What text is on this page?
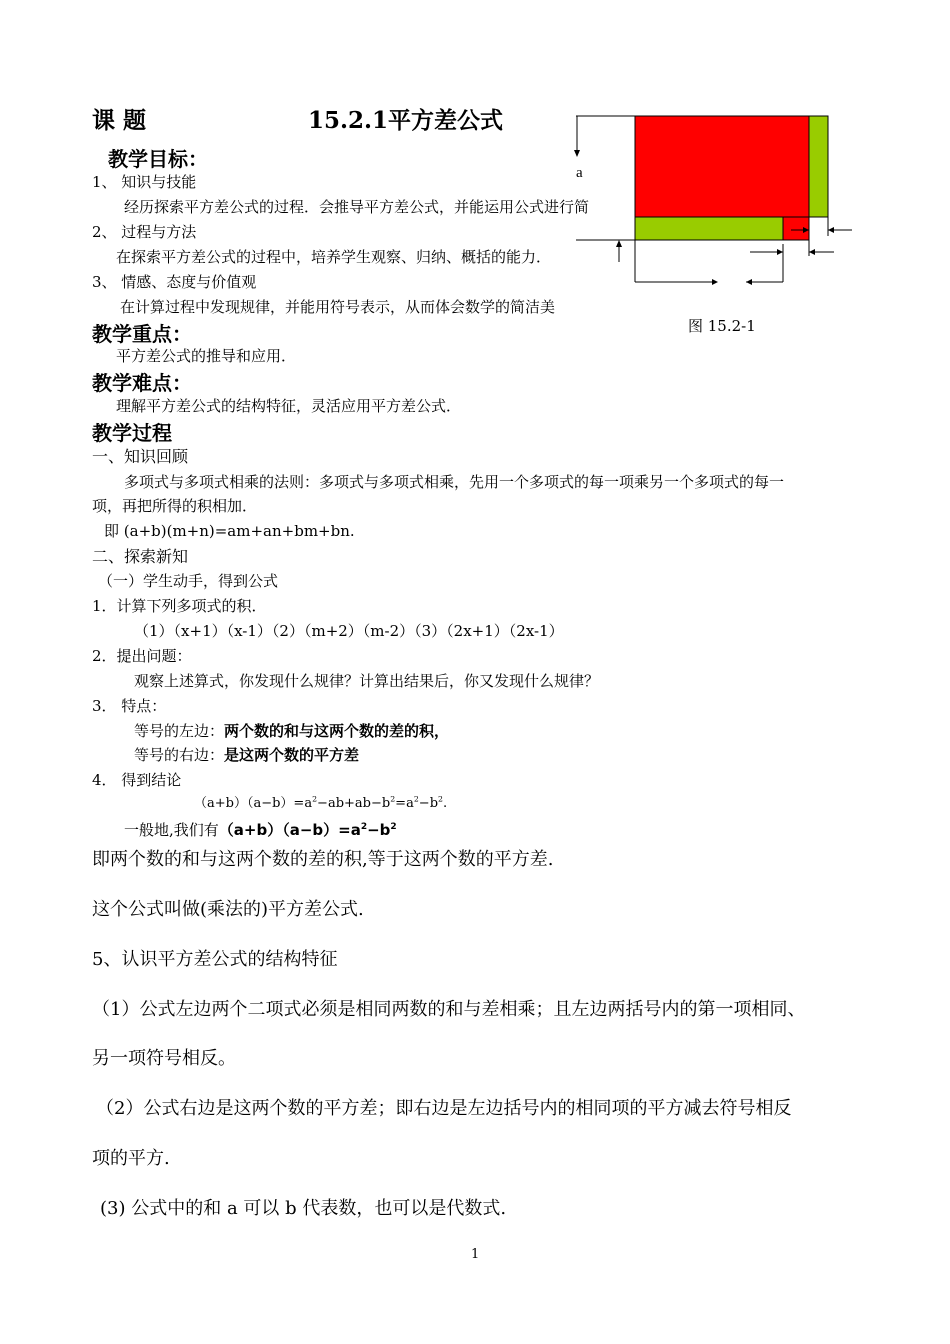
课 题	15.2.1平方差公式
a
图 15.2-1
教学目标：
1、 知识与技能
经历探索平方差公式的过程．会推导平方差公式，并能运用公式进行简
2、 过程与方法
在探索平方差公式的过程中，培养学生观察、归纳、概括的能力．
3、 情感、态度与价值观
在计算过程中发现规律，并能用符号表示，从而体会数学的简洁美
教学重点：
平方差公式的推导和应用．
教学难点：
理解平方差公式的结构特征，灵活应用平方差公式．
教学过程
一、知识回顾
多项式与多项式相乘的法则：多项式与多项式相乘，先用一个多项式的每一项乘另一个多项式的每一
项，再把所得的积相加．
即 (a+b)(m+n)=am+an+bm+bn.
二、探索新知
（一）学生动手，得到公式
1．计算下列多项式的积．
（1）（x+1）（x-1）（2）（m+2）（m-2）（3）（2x+1）（2x-1）
2．提出问题：
观察上述算式，你发现什么规律？计算出结果后，你又发现什么规律？
3． 特点：
等号的左边：两个数的和与这两个数的差的积，
等号的右边：是这两个数的平方差
4． 得到结论
$(a+b)(a-b)=a^2-ab+ab-b^2=a^2-b^2$.
一般地,我们有$(a+b)(a-b)=a^2-b^2$
即两个数的和与这两个数的差的积,等于这两个数的平方差.
这个公式叫做(乘法的)平方差公式.
5、认识平方差公式的结构特征
（1）公式左边两个二项式必须是相同两数的和与差相乘；且左边两括号内的第一项相同、
另一项符号相反。
（2）公式右边是这两个数的平方差；即右边是左边括号内的相同项的平方减去符号相反
项的平方.
(3) 公式中的和 a 可以 b 代表数，也可以是代数式.
1
